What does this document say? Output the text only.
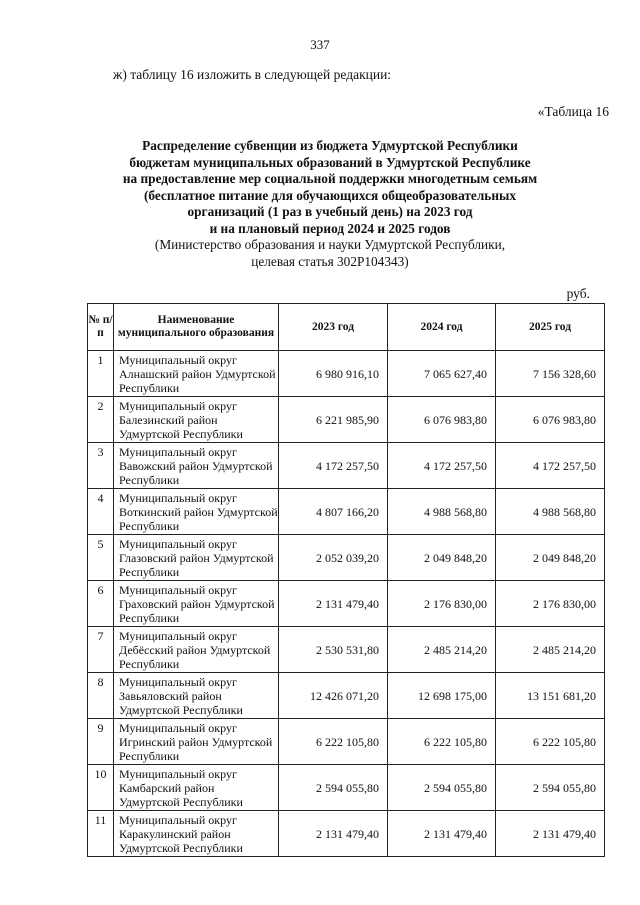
337
ж) таблицу 16 изложить в следующей редакции:
«Таблица 16
Распределение субвенции из бюджета Удмуртской Республики
бюджетам муниципальных образований в Удмуртской Республике
на предоставление мер социальной поддержки многодетным семьям
(бесплатное питание для обучающихся общеобразовательных
организаций (1 раз в учебный день) на 2023 год
и на плановый период 2024 и 2025 годов
(Министерство образования и науки Удмуртской Республики,
целевая статья 302Р104343)
руб.
№ п/п	Наименование муниципального образования	2023 год	2024 год	2025 год
1	Муниципальный округ Алнашский район Удмуртской Республики	6 980 916,10	7 065 627,40	7 156 328,60
2	Муниципальный округ Балезинский район Удмуртской Республики	6 221 985,90	6 076 983,80	6 076 983,80
3	Муниципальный округ Вавожский район Удмуртской Республики	4 172 257,50	4 172 257,50	4 172 257,50
4	Муниципальный округ Воткинский район Удмуртской Республики	4 807 166,20	4 988 568,80	4 988 568,80
5	Муниципальный округ Глазовский район Удмуртской Республики	2 052 039,20	2 049 848,20	2 049 848,20
6	Муниципальный округ Граховский район Удмуртской Республики	2 131 479,40	2 176 830,00	2 176 830,00
7	Муниципальный округ Дебёсский район Удмуртской Республики	2 530 531,80	2 485 214,20	2 485 214,20
8	Муниципальный округ Завьяловский район Удмуртской Республики	12 426 071,20	12 698 175,00	13 151 681,20
9	Муниципальный округ Игринский район Удмуртской Республики	6 222 105,80	6 222 105,80	6 222 105,80
10	Муниципальный округ Камбарский район Удмуртской Республики	2 594 055,80	2 594 055,80	2 594 055,80
11	Муниципальный округ Каракулинский район Удмуртской Республики	2 131 479,40	2 131 479,40	2 131 479,40
